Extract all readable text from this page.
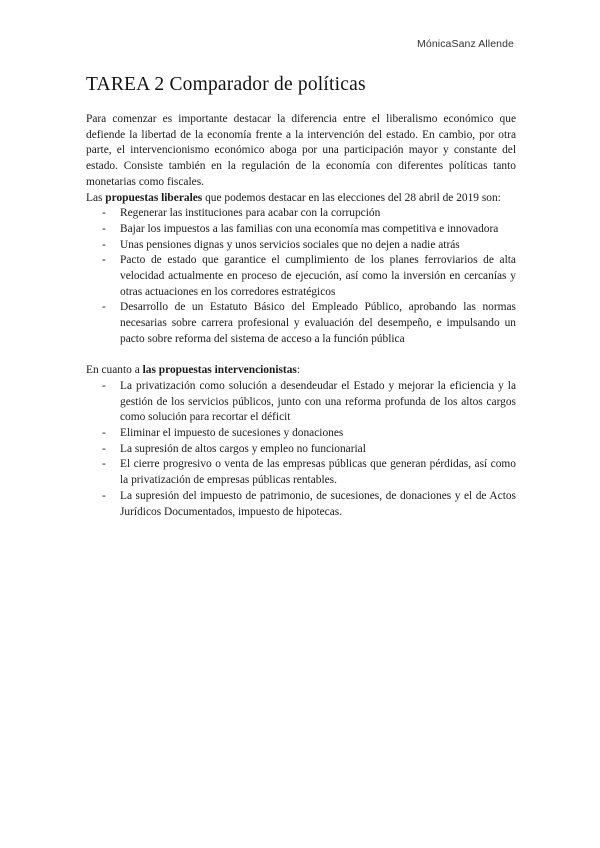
MónicaSanz Allende
TAREA 2 Comparador de políticas

Para comenzar es importante destacar la diferencia entre el liberalismo económico que defiende la libertad de la economía frente a la intervención del estado. En cambio, por otra parte, el intervencionismo económico aboga por una participación mayor y constante del estado. Consiste también en la regulación de la economía con diferentes políticas tanto monetarias como fiscales.

Las propuestas liberales que podemos destacar en las elecciones del 28 abril de 2019 son:

- Regenerar las instituciones para acabar con la corrupción
- Bajar los impuestos a las familias con una economía mas competitiva e innovadora
- Unas pensiones dignas y unos servicios sociales que no dejen a nadie atrás
- Pacto de estado que garantice el cumplimiento de los planes ferroviarios de alta velocidad actualmente en proceso de ejecución, así como la inversión en cercanías y otras actuaciones en los corredores estratégicos
- Desarrollo de un Estatuto Básico del Empleado Público, aprobando las normas necesarias sobre carrera profesional y evaluación del desempeño, e impulsando un pacto sobre reforma del sistema de acceso a la función pública

En cuanto a las propuestas intervencionistas:

- La privatización como solución a desendeudar el Estado y mejorar la eficiencia y la gestión de los servicios públicos, junto con una reforma profunda de los altos cargos como solución para recortar el déficit
- Eliminar el impuesto de sucesiones y donaciones
- La supresión de altos cargos y empleo no funcionarial
- El cierre progresivo o venta de las empresas públicas que generan pérdidas, así como la privatización de empresas públicas rentables.
- La supresión del impuesto de patrimonio, de sucesiones, de donaciones y el de Actos Jurídicos Documentados, impuesto de hipotecas.
